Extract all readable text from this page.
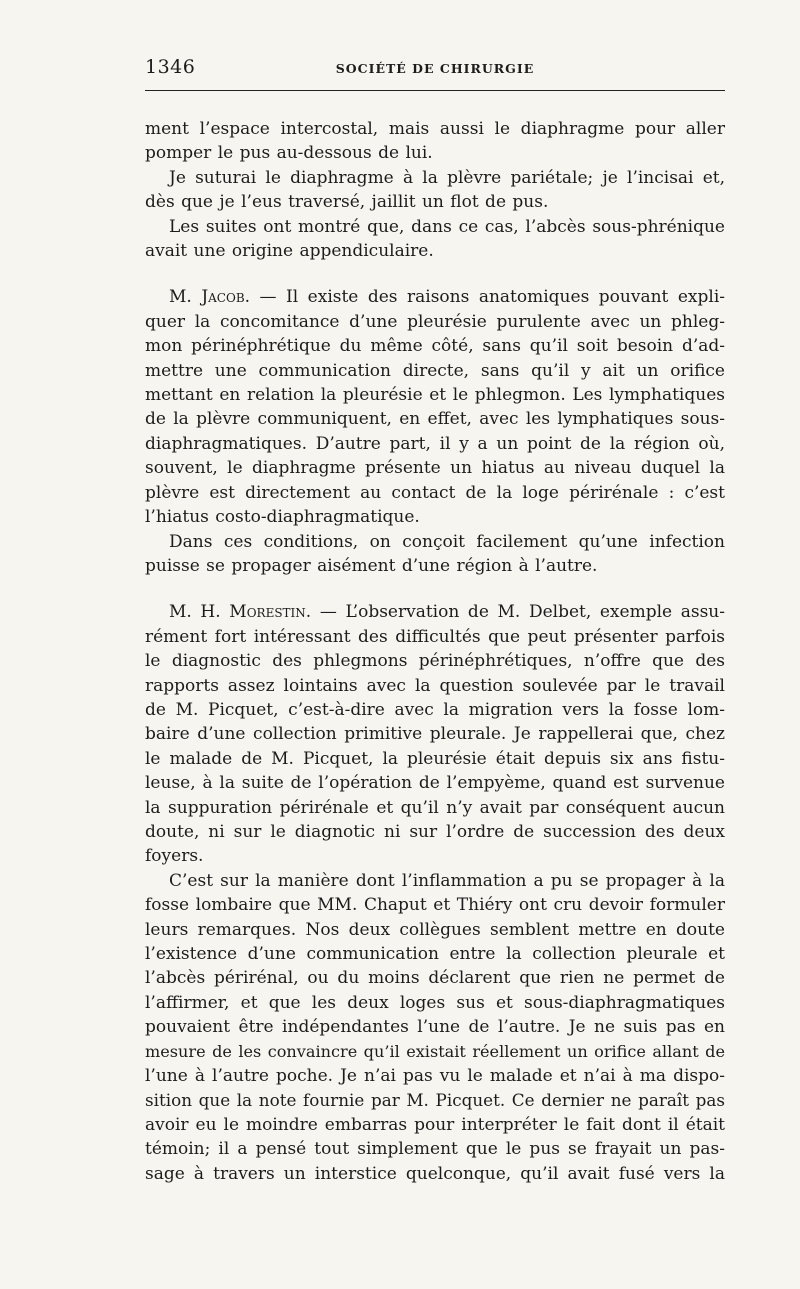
1346	SOCIÉTÉ DE CHIRURGIE

ment l’espace intercostal, mais aussi le diaphragme pour aller
pomper le pus au-dessous de lui.

Je suturai le diaphragme à la plèvre pariétale; je l’incisai et,
dès que je l’eus traversé, jaillit un flot de pus.

Les suites ont montré que, dans ce cas, l’abcès sous-phrénique
avait une origine appendiculaire.

M. Jacob. — Il existe des raisons anatomiques pouvant expli-
quer la concomitance d’une pleurésie purulente avec un phleg-
mon périnéphrétique du même côté, sans qu’il soit besoin d’ad-
mettre une communication directe, sans qu’il y ait un orifice
mettant en relation la pleurésie et le phlegmon. Les lymphatiques
de la plèvre communiquent, en effet, avec les lymphatiques sous-
diaphragmatiques. D’autre part, il y a un point de la région où,
souvent, le diaphragme présente un hiatus au niveau duquel la
plèvre est directement au contact de la loge périrénale : c’est
l’hiatus costo-diaphragmatique.

Dans ces conditions, on conçoit facilement qu’une infection
puisse se propager aisément d’une région à l’autre.

M. H. Morestin. — L’observation de M. Delbet, exemple assu-
rément fort intéressant des difficultés que peut présenter parfois
le diagnostic des phlegmons périnéphrétiques, n’offre que des
rapports assez lointains avec la question soulevée par le travail
de M. Picquet, c’est-à-dire avec la migration vers la fosse lom-
baire d’une collection primitive pleurale. Je rappellerai que, chez
le malade de M. Picquet, la pleurésie était depuis six ans fistu-
leuse, à la suite de l’opération de l’empyème, quand est survenue
la suppuration périrénale et qu’il n’y avait par conséquent aucun
doute, ni sur le diagnotic ni sur l’ordre de succession des deux
foyers.

C’est sur la manière dont l’inflammation a pu se propager à la
fosse lombaire que MM. Chaput et Thiéry ont cru devoir formuler
leurs remarques. Nos deux collègues semblent mettre en doute
l’existence d’une communication entre la collection pleurale et
l’abcès périrénal, ou du moins déclarent que rien ne permet de
l’affirmer, et que les deux loges sus et sous-diaphragmatiques
pouvaient être indépendantes l’une de l’autre. Je ne suis pas en
mesure de les convaincre qu’il existait réellement un orifice allant de
l’une à l’autre poche. Je n’ai pas vu le malade et n’ai à ma dispo-
sition que la note fournie par M. Picquet. Ce dernier ne paraît pas
avoir eu le moindre embarras pour interpréter le fait dont il était
témoin; il a pensé tout simplement que le pus se frayait un pas-
sage à travers un interstice quelconque, qu’il avait fusé vers la
